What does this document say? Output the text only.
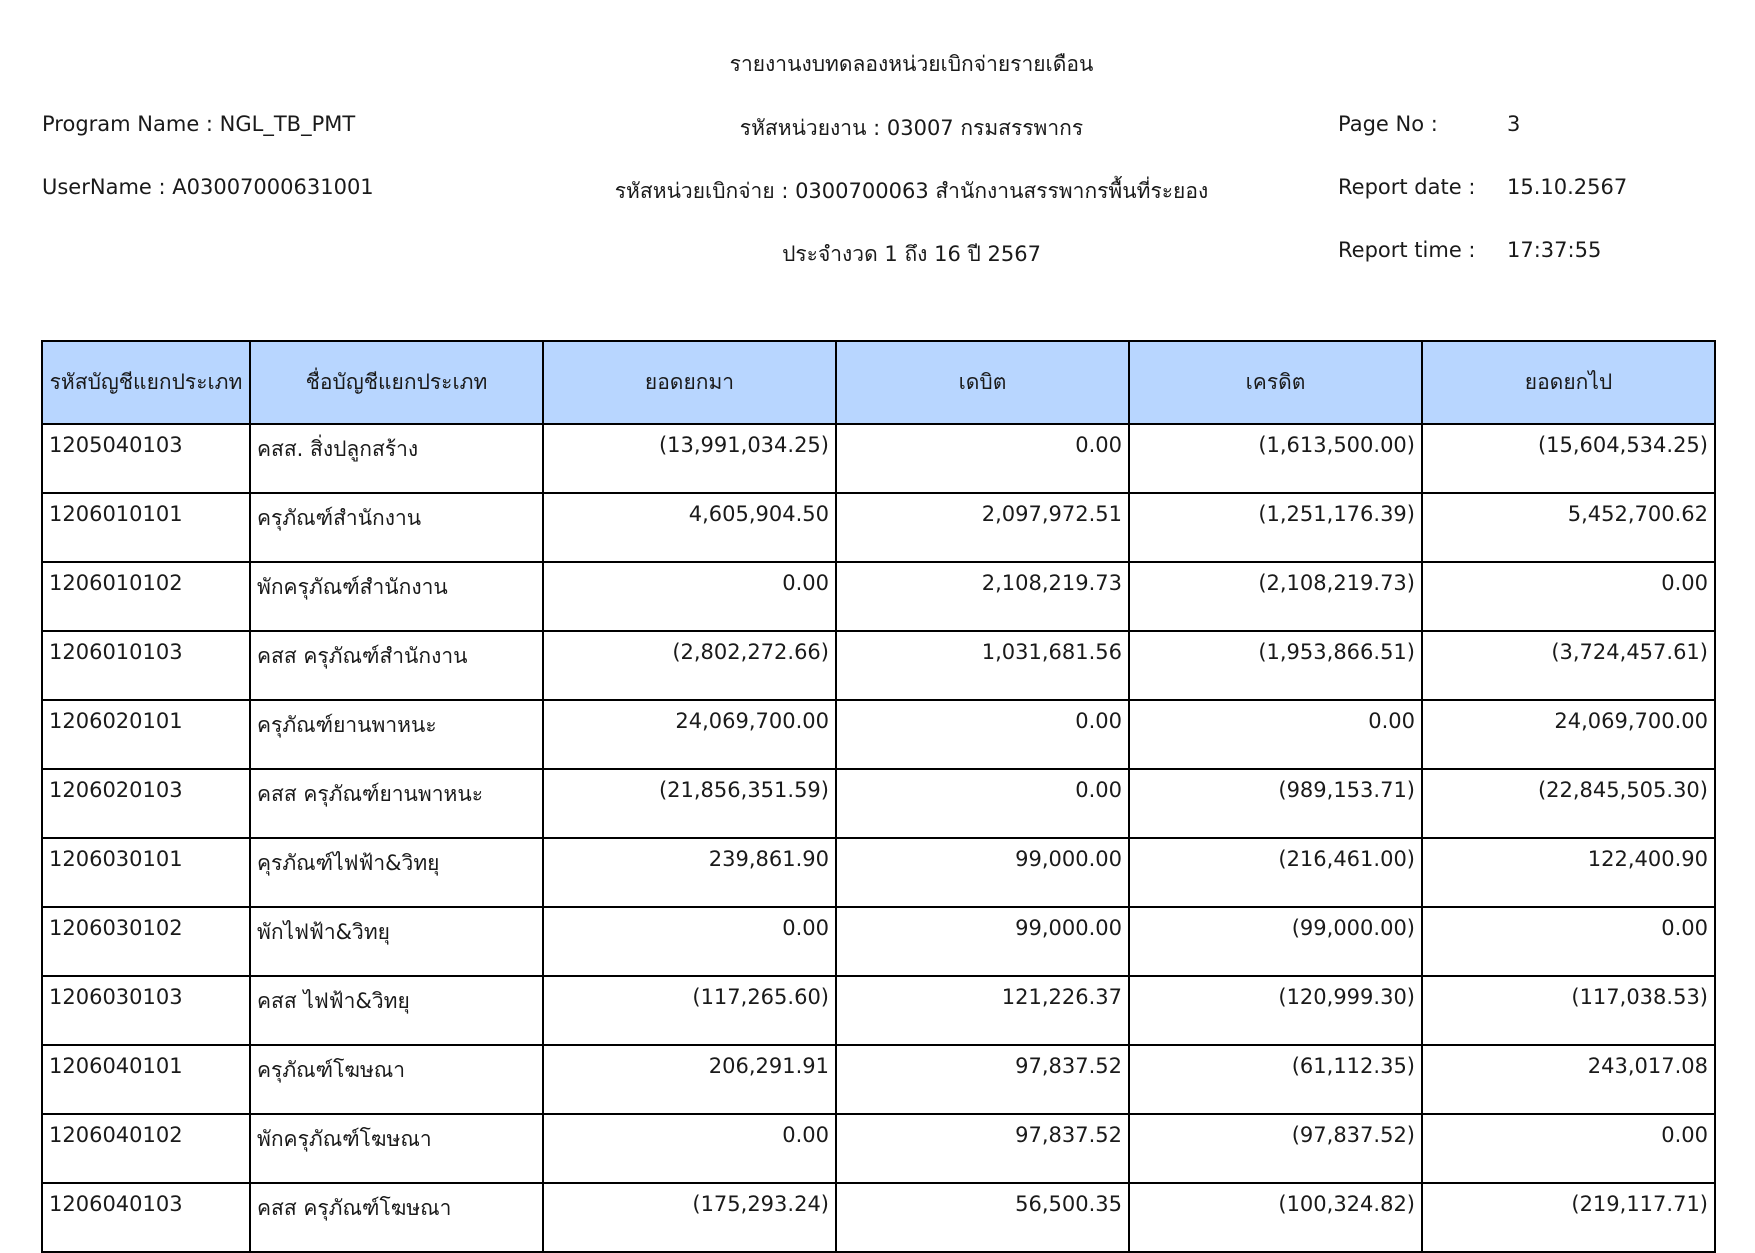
รายงานงบทดลองหน่วยเบิกจ่ายรายเดือน
Program Name : NGL_TB_PMT
UserName : A03007000631001
รหัสหน่วยงาน : 03007 กรมสรรพากร
รหัสหน่วยเบิกจ่าย : 0300700063 สำนักงานสรรพากรพื้นที่ระยอง
ประจำงวด 1 ถึง 16 ปี 2567
Page No :	3
Report date : 15.10.2567
Report time : 17:37:55
รหัสบัญชีแยกประเภท	ชื่อบัญชีแยกประเภท	ยอดยกมา	เดบิต	เครดิต	ยอดยกไป
1205040103	คสส. สิ่งปลูกสร้าง	(13,991,034.25)	0.00	(1,613,500.00)	(15,604,534.25)
1206010101	ครุภัณฑ์สำนักงาน	4,605,904.50	2,097,972.51	(1,251,176.39)	5,452,700.62
1206010102	พักครุภัณฑ์สำนักงาน	0.00	2,108,219.73	(2,108,219.73)	0.00
1206010103	คสส ครุภัณฑ์สำนักงาน	(2,802,272.66)	1,031,681.56	(1,953,866.51)	(3,724,457.61)
1206020101	ครุภัณฑ์ยานพาหนะ	24,069,700.00	0.00	0.00	24,069,700.00
1206020103	คสส ครุภัณฑ์ยานพาหนะ	(21,856,351.59)	0.00	(989,153.71)	(22,845,505.30)
1206030101	คุรภัณฑ์ไฟฟ้า&วิทยุ	239,861.90	99,000.00	(216,461.00)	122,400.90
1206030102	พักไฟฟ้า&วิทยุ	0.00	99,000.00	(99,000.00)	0.00
1206030103	คสส ไฟฟ้า&วิทยุ	(117,265.60)	121,226.37	(120,999.30)	(117,038.53)
1206040101	ครุภัณฑ์โฆษณา	206,291.91	97,837.52	(61,112.35)	243,017.08
1206040102	พักครุภัณฑ์โฆษณา	0.00	97,837.52	(97,837.52)	0.00
1206040103	คสส ครุภัณฑ์โฆษณา	(175,293.24)	56,500.35	(100,324.82)	(219,117.71)
